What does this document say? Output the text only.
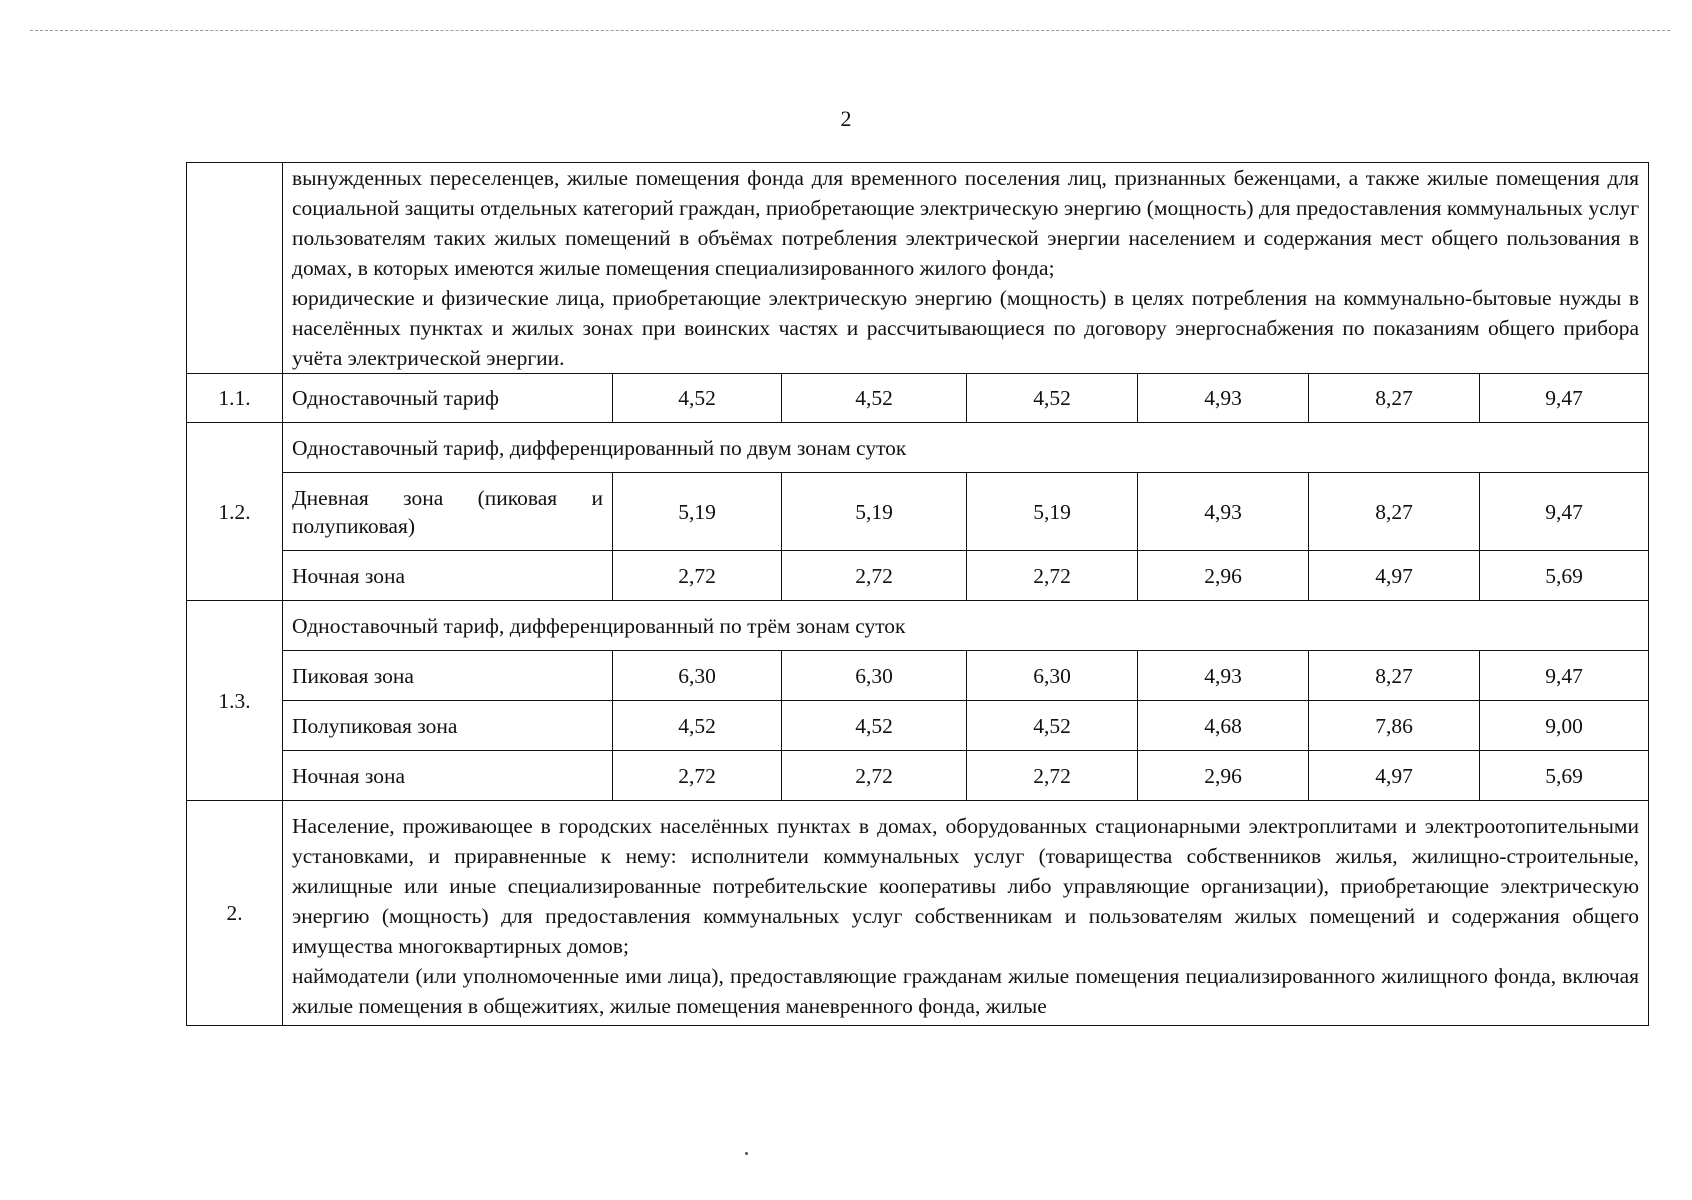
2

	вынужденных переселенцев, жилые помещения фонда для временного поселения лиц, признанных беженцами, а также жилые помещения для социальной защиты отдельных категорий граждан, приобретающие электрическую энергию (мощность) для предоставления коммунальных услуг пользователям таких жилых помещений в объёмах потребления электрической энергии населением и содержания мест общего пользования в домах, в которых имеются жилые помещения специализированного жилого фонда;

юридические и физические лица, приобретающие электрическую энергию (мощность) в целях потребления на коммунально-бытовые нужды в населённых пунктах и жилых зонах при воинских частях и рассчитывающиеся по договору энергоснабжения по показаниям общего прибора учёта электрической энергии.						

1.1.	Одноставочный тариф	4,52	4,52	4,52	4,93	8,27	9,47
1.2.	Одноставочный тариф, дифференцированный по двум зонам суток						
	Дневная зона (пиковая и полупиковая)	5,19	5,19	5,19	4,93	8,27	9,47
	Ночная зона	2,72	2,72	2,72	2,96	4,97	5,69
1.3.	Одноставочный тариф, дифференцированный по трём зонам суток						
	Пиковая зона	6,30	6,30	6,30	4,93	8,27	9,47
	Полупиковая зона	4,52	4,52	4,52	4,68	7,86	9,00
	Ночная зона	2,72	2,72	2,72	2,96	4,97	5,69
2.	Население, проживающее в городских населённых пунктах в домах, оборудованных стационарными электроплитами и электроотопительными установками, и приравненные к нему: исполнители коммунальных услуг (товарищества собственников жилья, жилищно-строительные, жилищные или иные специализированные потребительские кооперативы либо управляющие организации), приобретающие электрическую энергию (мощность) для предоставления коммунальных услуг собственникам и пользователям жилых помещений и содержания общего имущества многоквартирных домов;

наймодатели (или уполномоченные ими лица), предоставляющие гражданам жилые помещения пециализированного жилищного фонда, включая жилые помещения в общежитиях, жилые помещения маневренного фонда, жилые						
